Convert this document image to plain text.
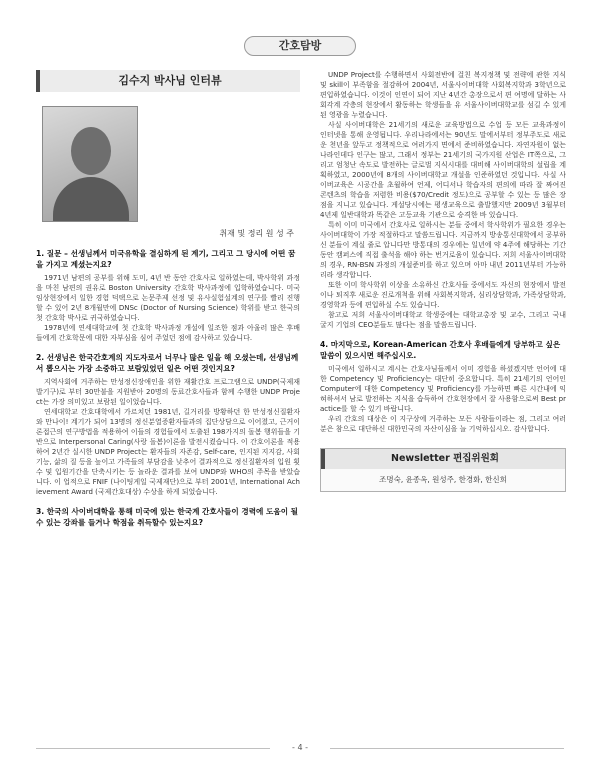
간호탐방
김수지 박사님 인터뷰
취재 및 정리 원 성 주
1. 질문 – 선생님께서 미국유학을 결심하게 된 계기, 그리고 그 당시에 어떤 꿈을 가지고 계셨는지요?

1971년 남편의 공부를 위해 도미, 4년 반 동안 간호사로 일하였는데, 박사학위 과정을 마친 남편의 권유로 Boston University 간호학 박사과정에 입학하였습니다. 미국임상현장에서 일한 경험 덕택으로 논문주제 선정 및 유사실험설계의 연구를 빨리 진행할 수 있어 2년 8개월만에 DNSc (Doctor of Nursing Science) 학위를 받고 한국의 첫 간호학 박사로 귀국하였습니다.

1978년에 연세대학교에 첫 간호학 박사과정 개설에 일조한 점과 아울러 많은 후배들에게 간호학문에 대한 자부심을 심어 주었던 점에 감사하고 있습니다.

2. 선생님은 한국간호계의 지도자로서 너무나 많은 일을 해 오셨는데, 선생님께서 뽑으시는 가장 소중하고 보람있었던 일은 어떤 것인지요?

지역사회에 거주하는 만성정신장애인을 위한 재활간호 프로그램으로 UNDP(국제재발기구)로 부터 30만불을 지원받아 20명의 동료간호사들과 함께 수행한 UNDP Project는 가장 의미있고 보람된 일이었습니다.

연세대학교 간호대학에서 가르치던 1981년, 길거리를 방황하던 한 만성정신질환자와 만나이! 계기가 되어 13명의 정신분열증환자들과의 집단상담으로 이어졌고, 근거이론접근의 연구방법을 적용하여 이들의 경험들에서 도출된 198가지의 돌봄 행위들을 기반으로 Interpersonal Caring(사랑 돌봄)이론을 발전시켰습니다. 이 간호이론을 적용하여 2년간 실시한 UNDP Project는 환자들의 자존감, Self-care, 인지된 지지감, 사회기능, 삶의 질 등을 높이고 가족들의 부담감을 낮추어 결과적으로 정신질환자의 입원 횟수 및 입원기간을 단축시키는 등 놀라운 결과를 보여 UNDP와 WHO의 주목을 받았습니다. 이 업적으로 FNIF (나이팅게일 국제재단)으로 부터 2001년, International Achievement Award (국제간호대상) 수상을 하게 되었습니다.

3. 한국의 사이버대학을 통해 미국에 있는 한국계 간호사들이 경력에 도움이 될수 있는 강좌를 들거나 학점을 취득할수 있는지요?

UNDP Project를 수행하면서 사회전반에 걸친 복지정책 및 전략에 관한 지식 및 skill이 부족함을 절감하여 2004년, 서울사이버대학 사회복지학과 3학년으로 편입하였습니다. 이것이 인연이 되어 지난 4년간 총장으로서 편 여명에 달하는 사회각계 각층의 현장에서 활동하는 학생들을 유 서울사이버대학교를 섬길 수 있게 된 영광을 누렸습니다.

사실 사이버대학은 21세기의 새로운 교육방법으로 수업 등 모든 교육과정이 인터넷을 통해 운영됩니다. 우리나라에서는 90년도 말에서부터 정부주도로 새로운 천년을 앞두고 정책적으로 여러가지 면에서 준비하였습니다. 자연자원이 없는나라인데다 인구는 많고, 그래서 정부는 21세기의 국가지원 산업은 IT쪽으로, 그리고 엄청난 속도로 발전하는 글로벌 지식시대를 대비해 사이버대학의 설립을 계획하였고, 2000년에 8개의 사이버대학교 개설을 인준하였던 것입니다. 사실 사이버교육은 시공간을 초월하여 언제, 어디서나 학습자의 편의에 따라 잘 짜여진 콘텐츠의 학습을 저렴한 비용($70/Credit 정도)으로 공부할 수 있는 등 많은 장점을 지니고 있습니다. 게설당시에는 평생교육으로 출발했지만 2009년 3월부터 4년제 일반대학과 똑같은 고등교육 기관으로 승격한 바 있습니다.

특히 이미 미국에서 간호사로 일하시는 분들 중에서 학사학위가 필요한 경우는 사이버대학이 가장 적절하다고 말씀드립니다. 지금까지 방송통신대학에서 공부하신 분들이 계실 줄로 압니다만 방통대의 경우에는 일년에 약 4주에 해당하는 기간동안 캠퍼스에 직접 출석을 해야 하는 번거로움이 있습니다. 저희 서울사이버대학의 경우, RN-BSN 과정의 개설준비를 하고 있으며 아마 내년 2011년부터 가능하리라 생각합니다.

또한 이미 학사학위 이상을 소유하신 간호사들 중에서도 자신의 현장에서 발전이나 퇴직후 새로운 진로개척을 위해 사회복지학과, 심리상담학과, 가족상담학과, 경영학과 등에 편입하실 수도 있습니다.

참고로 저희 서울사이버대학교 학생중에는 대학교총장 및 교수, 그리고 국내 굴지 기업의 CEO분들도 많다는 점을 말씀드립니다.

4. 마지막으로, Korean-American 간호사 후배들에게 당부하고 싶은 말씀이 있으시면 해주십시오.

미국에서 일하시고 계시는 간호사님들께서 이미 경험을 하셨겠지만 언어에 대한 Competency 및 Proficiency는 대단히 중요합니다. 특히 21세기의 언어인 Computer에 대한 Competency 및 Proficiency를 가능하면 빠른 시간내에 익혀하셔서 남로 발전하는 지식을 습득하여 간호현장에서 잘 사용함으로써 Best practice를 할 수 있기 바랍니다.

우리 간호의 대상은 이 지구상에 거주하는 모든 사람들이라는 점, 그리고 여러분은 참으로 대단하신 대한민국의 자산이심을 늘 기억하십시오. 감사합니다.

Newsletter 편집위원회
조명숙, 윤종옥, 원성주, 한경화, 한신희
- 4 -
